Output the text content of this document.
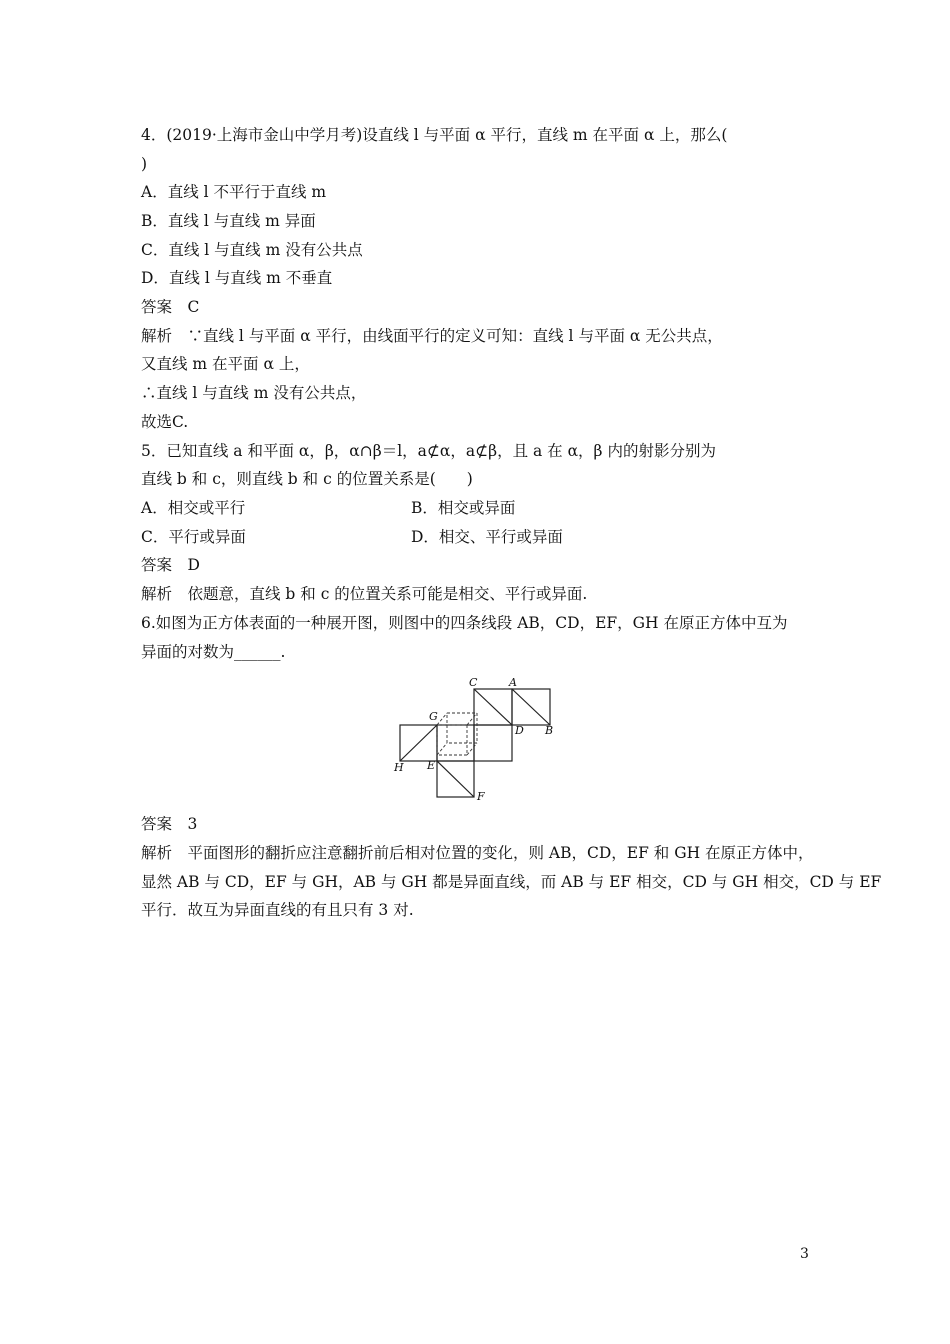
4．(2019·上海市金山中学月考)设直线 l 与平面 α 平行，直线 m 在平面 α 上，那么(
)
A．直线 l 不平行于直线 m
B．直线 l 与直线 m 异面
C．直线 l 与直线 m 没有公共点
D．直线 l 与直线 m 不垂直
答案　C
解析　∵直线 l 与平面 α 平行，由线面平行的定义可知：直线 l 与平面 α 无公共点，
又直线 m 在平面 α 上，
∴直线 l 与直线 m 没有公共点，
故选C.
5．已知直线 a 和平面 α，β，α∩β＝l，a⊄α，a⊄β，且 a 在 α，β 内的射影分别为
直线 b 和 c，则直线 b 和 c 的位置关系是(　　)
A．相交或平行	B．相交或异面
C．平行或异面	D．相交、平行或异面
答案　D
解析　依题意，直线 b 和 c 的位置关系可能是相交、平行或异面.
6.如图为正方体表面的一种展开图，则图中的四条线段 AB，CD，EF，GH 在原正方体中互为
异面的对数为______.
C	A
G
D B
H E
F
答案　3
解析　平面图形的翻折应注意翻折前后相对位置的变化，则 AB，CD，EF 和 GH 在原正方体中，
显然 AB 与 CD，EF 与 GH，AB 与 GH 都是异面直线，而 AB 与 EF 相交，CD 与 GH 相交，CD 与 EF
平行．故互为异面直线的有且只有 3 对.
3
